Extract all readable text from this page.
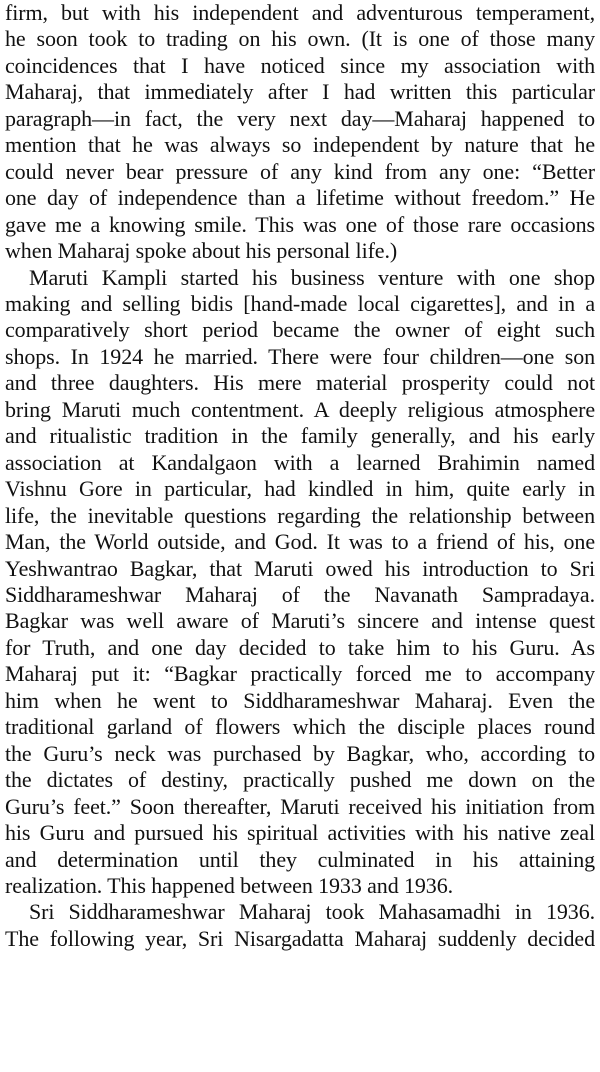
firm, but with his independent and adventurous temperament,
he soon took to trading on his own. (It is one of those many
coincidences that I have noticed since my association with
Maharaj, that immediately after I had written this particular
paragraph—in fact, the very next day—Maharaj happened to
mention that he was always so independent by nature that he
could never bear pressure of any kind from any one: “Better
one day of independence than a lifetime without freedom.” He
gave me a knowing smile. This was one of those rare occasions
when Maharaj spoke about his personal life.)

Maruti Kampli started his business venture with one shop
making and selling bidis [hand-made local cigarettes], and in a
comparatively short period became the owner of eight such
shops. In 1924 he married. There were four children—one son
and three daughters. His mere material prosperity could not
bring Maruti much contentment. A deeply religious atmosphere
and ritualistic tradition in the family generally, and his early
association at Kandalgaon with a learned Brahimin named
Vishnu Gore in particular, had kindled in him, quite early in
life, the inevitable questions regarding the relationship between
Man, the World outside, and God. It was to a friend of his, one
Yeshwantrao Bagkar, that Maruti owed his introduction to Sri
Siddharameshwar Maharaj of the Navanath Sampradaya.
Bagkar was well aware of Maruti’s sincere and intense quest
for Truth, and one day decided to take him to his Guru. As
Maharaj put it: “Bagkar practically forced me to accompany
him when he went to Siddharameshwar Maharaj. Even the
traditional garland of flowers which the disciple places round
the Guru’s neck was purchased by Bagkar, who, according to
the dictates of destiny, practically pushed me down on the
Guru’s feet.” Soon thereafter, Maruti received his initiation from
his Guru and pursued his spiritual activities with his native zeal
and determination until they culminated in his attaining
realization. This happened between 1933 and 1936.

Sri Siddharameshwar Maharaj took Mahasamadhi in 1936.
The following year, Sri Nisargadatta Maharaj suddenly decided
